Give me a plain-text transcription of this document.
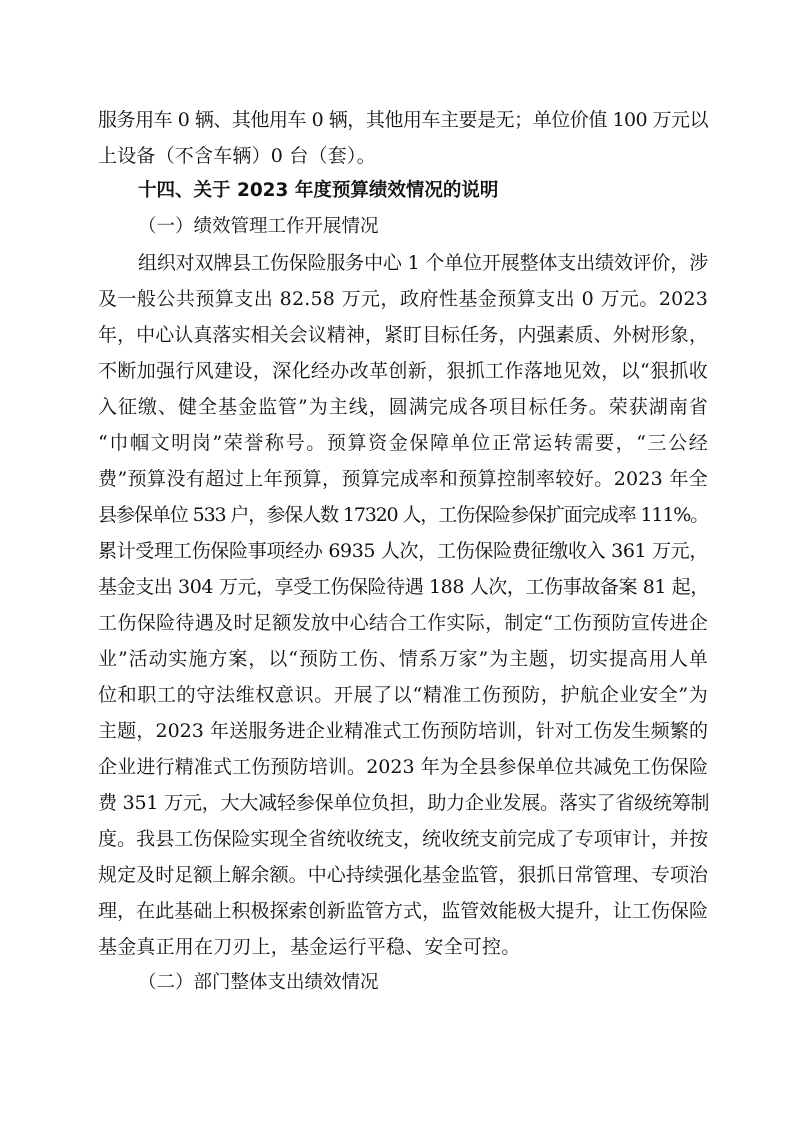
服务用车 0 辆、其他用车 0 辆，其他用车主要是无；单位价值 100 万元以
上设备（不含车辆）0 台（套）。
十四、关于 2023 年度预算绩效情况的说明
（一）绩效管理工作开展情况
组织对双牌县工伤保险服务中心 1 个单位开展整体支出绩效评价，涉
及一般公共预算支出 82.58 万元，政府性基金预算支出 0 万元。2023
年，中心认真落实相关会议精神，紧盯目标任务，内强素质、外树形象，
不断加强行风建设，深化经办改革创新，狠抓工作落地见效，以“狠抓收
入征缴、健全基金监管”为主线，圆满完成各项目标任务。荣获湖南省
“巾帼文明岗”荣誉称号。预算资金保障单位正常运转需要，“三公经
费”预算没有超过上年预算，预算完成率和预算控制率较好。2023 年全
县参保单位 533 户，参保人数 17320 人，工伤保险参保扩面完成率 111%。
累计受理工伤保险事项经办 6935 人次，工伤保险费征缴收入 361 万元，
基金支出 304 万元，享受工伤保险待遇 188 人次，工伤事故备案 81 起，
工伤保险待遇及时足额发放中心结合工作实际，制定“工伤预防宣传进企
业”活动实施方案，以“预防工伤、情系万家”为主题，切实提高用人单
位和职工的守法维权意识。开展了以“精准工伤预防，护航企业安全”为
主题，2023 年送服务进企业精准式工伤预防培训，针对工伤发生频繁的
企业进行精准式工伤预防培训。2023 年为全县参保单位共减免工伤保险
费 351 万元，大大减轻参保单位负担，助力企业发展。落实了省级统筹制
度。我县工伤保险实现全省统收统支，统收统支前完成了专项审计，并按
规定及时足额上解余额。中心持续强化基金监管，狠抓日常管理、专项治
理，在此基础上积极探索创新监管方式，监管效能极大提升，让工伤保险
基金真正用在刀刃上，基金运行平稳、安全可控。
（二）部门整体支出绩效情况
